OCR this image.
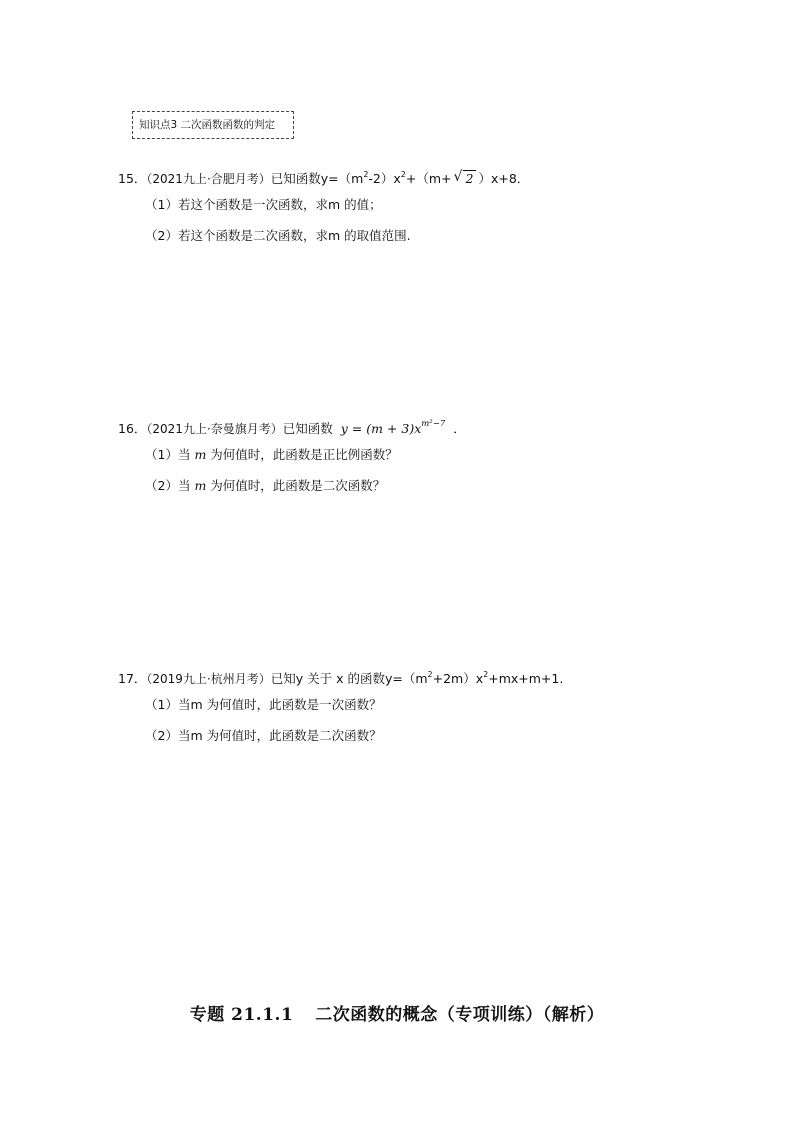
知识点3 二次函数函数的判定
15．（2021九上·合肥月考）已知函数$y=(m^2-2)x^2+(m+$ √ 2 ）x+8．
（1）若这个函数是一次函数，求m 的值；
（2）若这个函数是二次函数，求m 的取值范围.
16．（2021九上·奈曼旗月考）已知函数 $y = (m + 3)x^{m^2-7}$ ．
（1）当 m 为何值时，此函数是正比例函数？
（2）当 m 为何值时，此函数是二次函数？
17．（2019九上·杭州月考）已知y 关于 x 的函数$y=(m^2+2m)x^2+mx+m+1$.
（1）当m 为何值时，此函数是一次函数？
（2）当m 为何值时，此函数是二次函数？
专题 21.1.1 二次函数的概念（专项训练）（解析）
